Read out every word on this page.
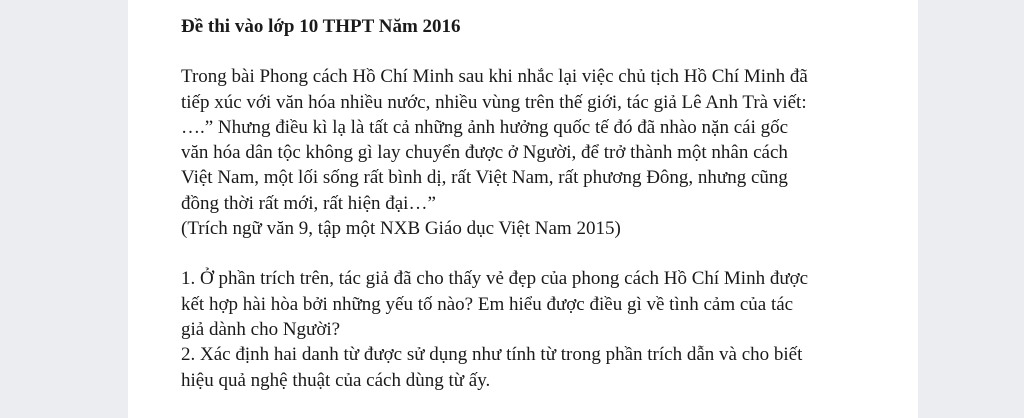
Đề thi vào lớp 10 THPT Năm 2016

Trong bài Phong cách Hồ Chí Minh sau khi nhắc lại việc chủ tịch Hồ Chí Minh đã

tiếp xúc với văn hóa nhiều nước, nhiều vùng trên thế giới, tác giả Lê Anh Trà viết:

….” Nhưng điều kì lạ là tất cả những ảnh hưởng quốc tế đó đã nhào nặn cái gốc

văn hóa dân tộc không gì lay chuyển được ở Người, để trở thành một nhân cách

Việt Nam, một lối sống rất bình dị, rất Việt Nam, rất phương Đông, nhưng cũng

đồng thời rất mới, rất hiện đại…”

(Trích ngữ văn 9, tập một NXB Giáo dục Việt Nam 2015)

1. Ở phần trích trên, tác giả đã cho thấy vẻ đẹp của phong cách Hồ Chí Minh được

kết hợp hài hòa bởi những yếu tố nào? Em hiểu được điều gì về tình cảm của tác

giả dành cho Người?

2. Xác định hai danh từ được sử dụng như tính từ trong phần trích dẫn và cho biết

hiệu quả nghệ thuật của cách dùng từ ấy.
